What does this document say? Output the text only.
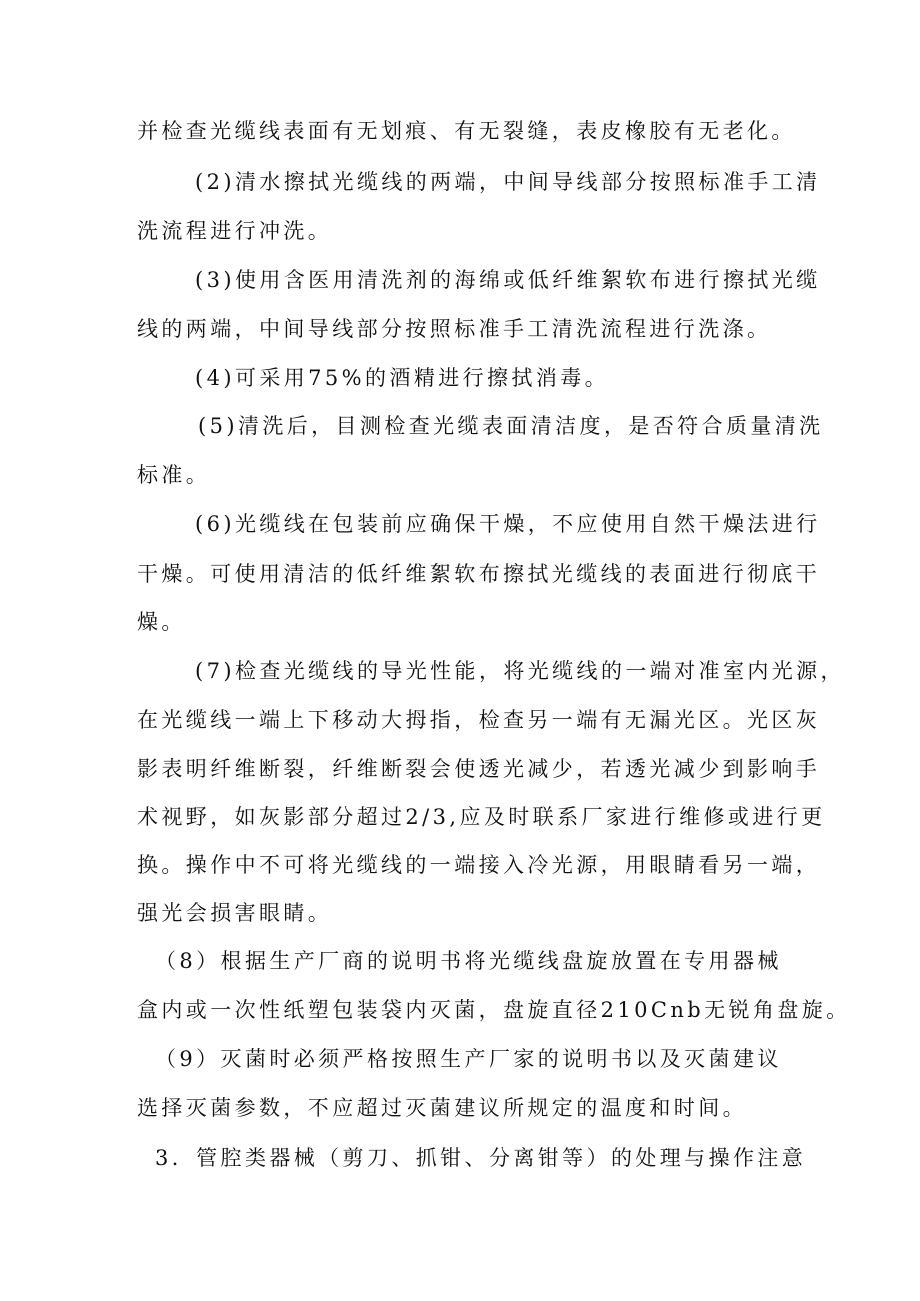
并检查光缆线表面有无划痕、有无裂缝，表皮橡胶有无老化。
(2)清水擦拭光缆线的两端，中间导线部分按照标准手工清
洗流程进行冲洗。
(3)使用含医用清洗剂的海绵或低纤维絮软布进行擦拭光缆
线的两端，中间导线部分按照标准手工清洗流程进行洗涤。
(4)可采用75%的酒精进行擦拭消毒。
(5)清洗后，目测检查光缆表面清洁度，是否符合质量清洗
标准。
(6)光缆线在包装前应确保干燥，不应使用自然干燥法进行
干燥。可使用清洁的低纤维絮软布擦拭光缆线的表面进行彻底干
燥。
(7)检查光缆线的导光性能，将光缆线的一端对准室内光源，
在光缆线一端上下移动大拇指，检查另一端有无漏光区。光区灰
影表明纤维断裂，纤维断裂会使透光减少，若透光减少到影响手
术视野，如灰影部分超过2/3,应及时联系厂家进行维修或进行更
换。操作中不可将光缆线的一端接入冷光源，用眼睛看另一端，
强光会损害眼睛。
（8）根据生产厂商的说明书将光缆线盘旋放置在专用器械
盒内或一次性纸塑包装袋内灭菌，盘旋直径210Cnb无锐角盘旋。
（9）灭菌时必须严格按照生产厂家的说明书以及灭菌建议
选择灭菌参数，不应超过灭菌建议所规定的温度和时间。
3．管腔类器械（剪刀、抓钳、分离钳等）的处理与操作注意
